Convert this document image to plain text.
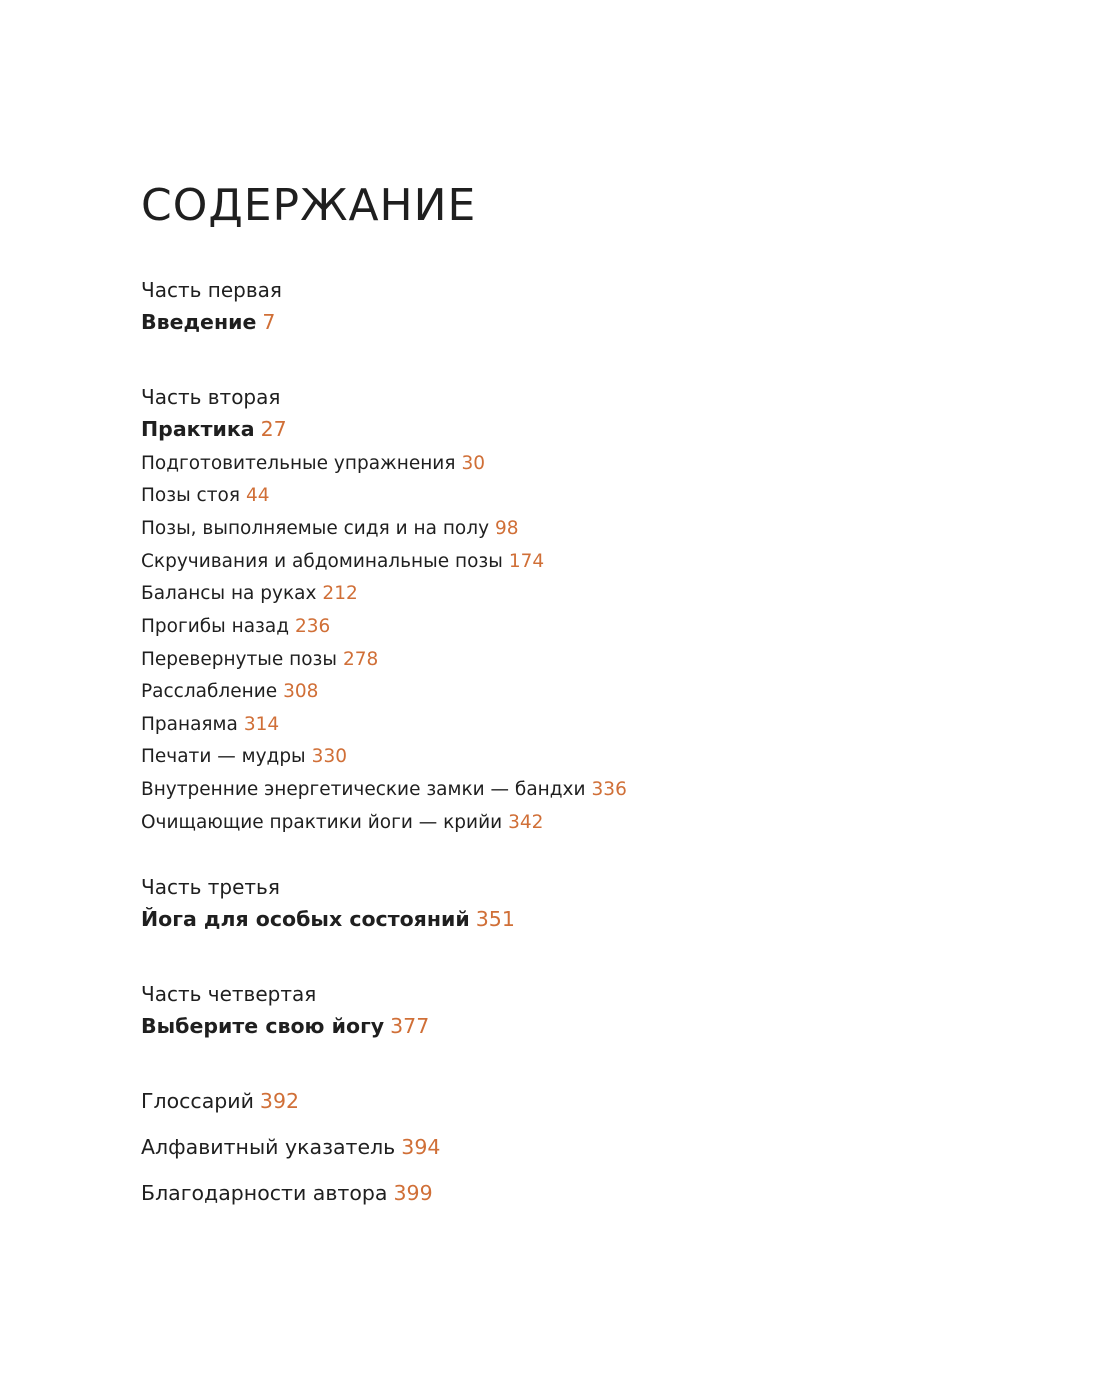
СОДЕРЖАНИЕ
Часть первая
Введение 7
Часть вторая
Практика 27
Подготовительные упражнения 30
Позы стоя 44
Позы, выполняемые сидя и на полу 98
Скручивания и абдоминальные позы 174
Балансы на руках 212
Прогибы назад 236
Перевернутые позы 278
Расслабление 308
Пранаяма 314
Печати — мудры 330
Внутренние энергетические замки — бандхи 336
Очищающие практики йоги — крийи 342
Часть третья
Йога для особых состояний 351
Часть четвертая
Выберите свою йогу 377
Глоссарий 392
Алфавитный указатель 394
Благодарности автора 399
